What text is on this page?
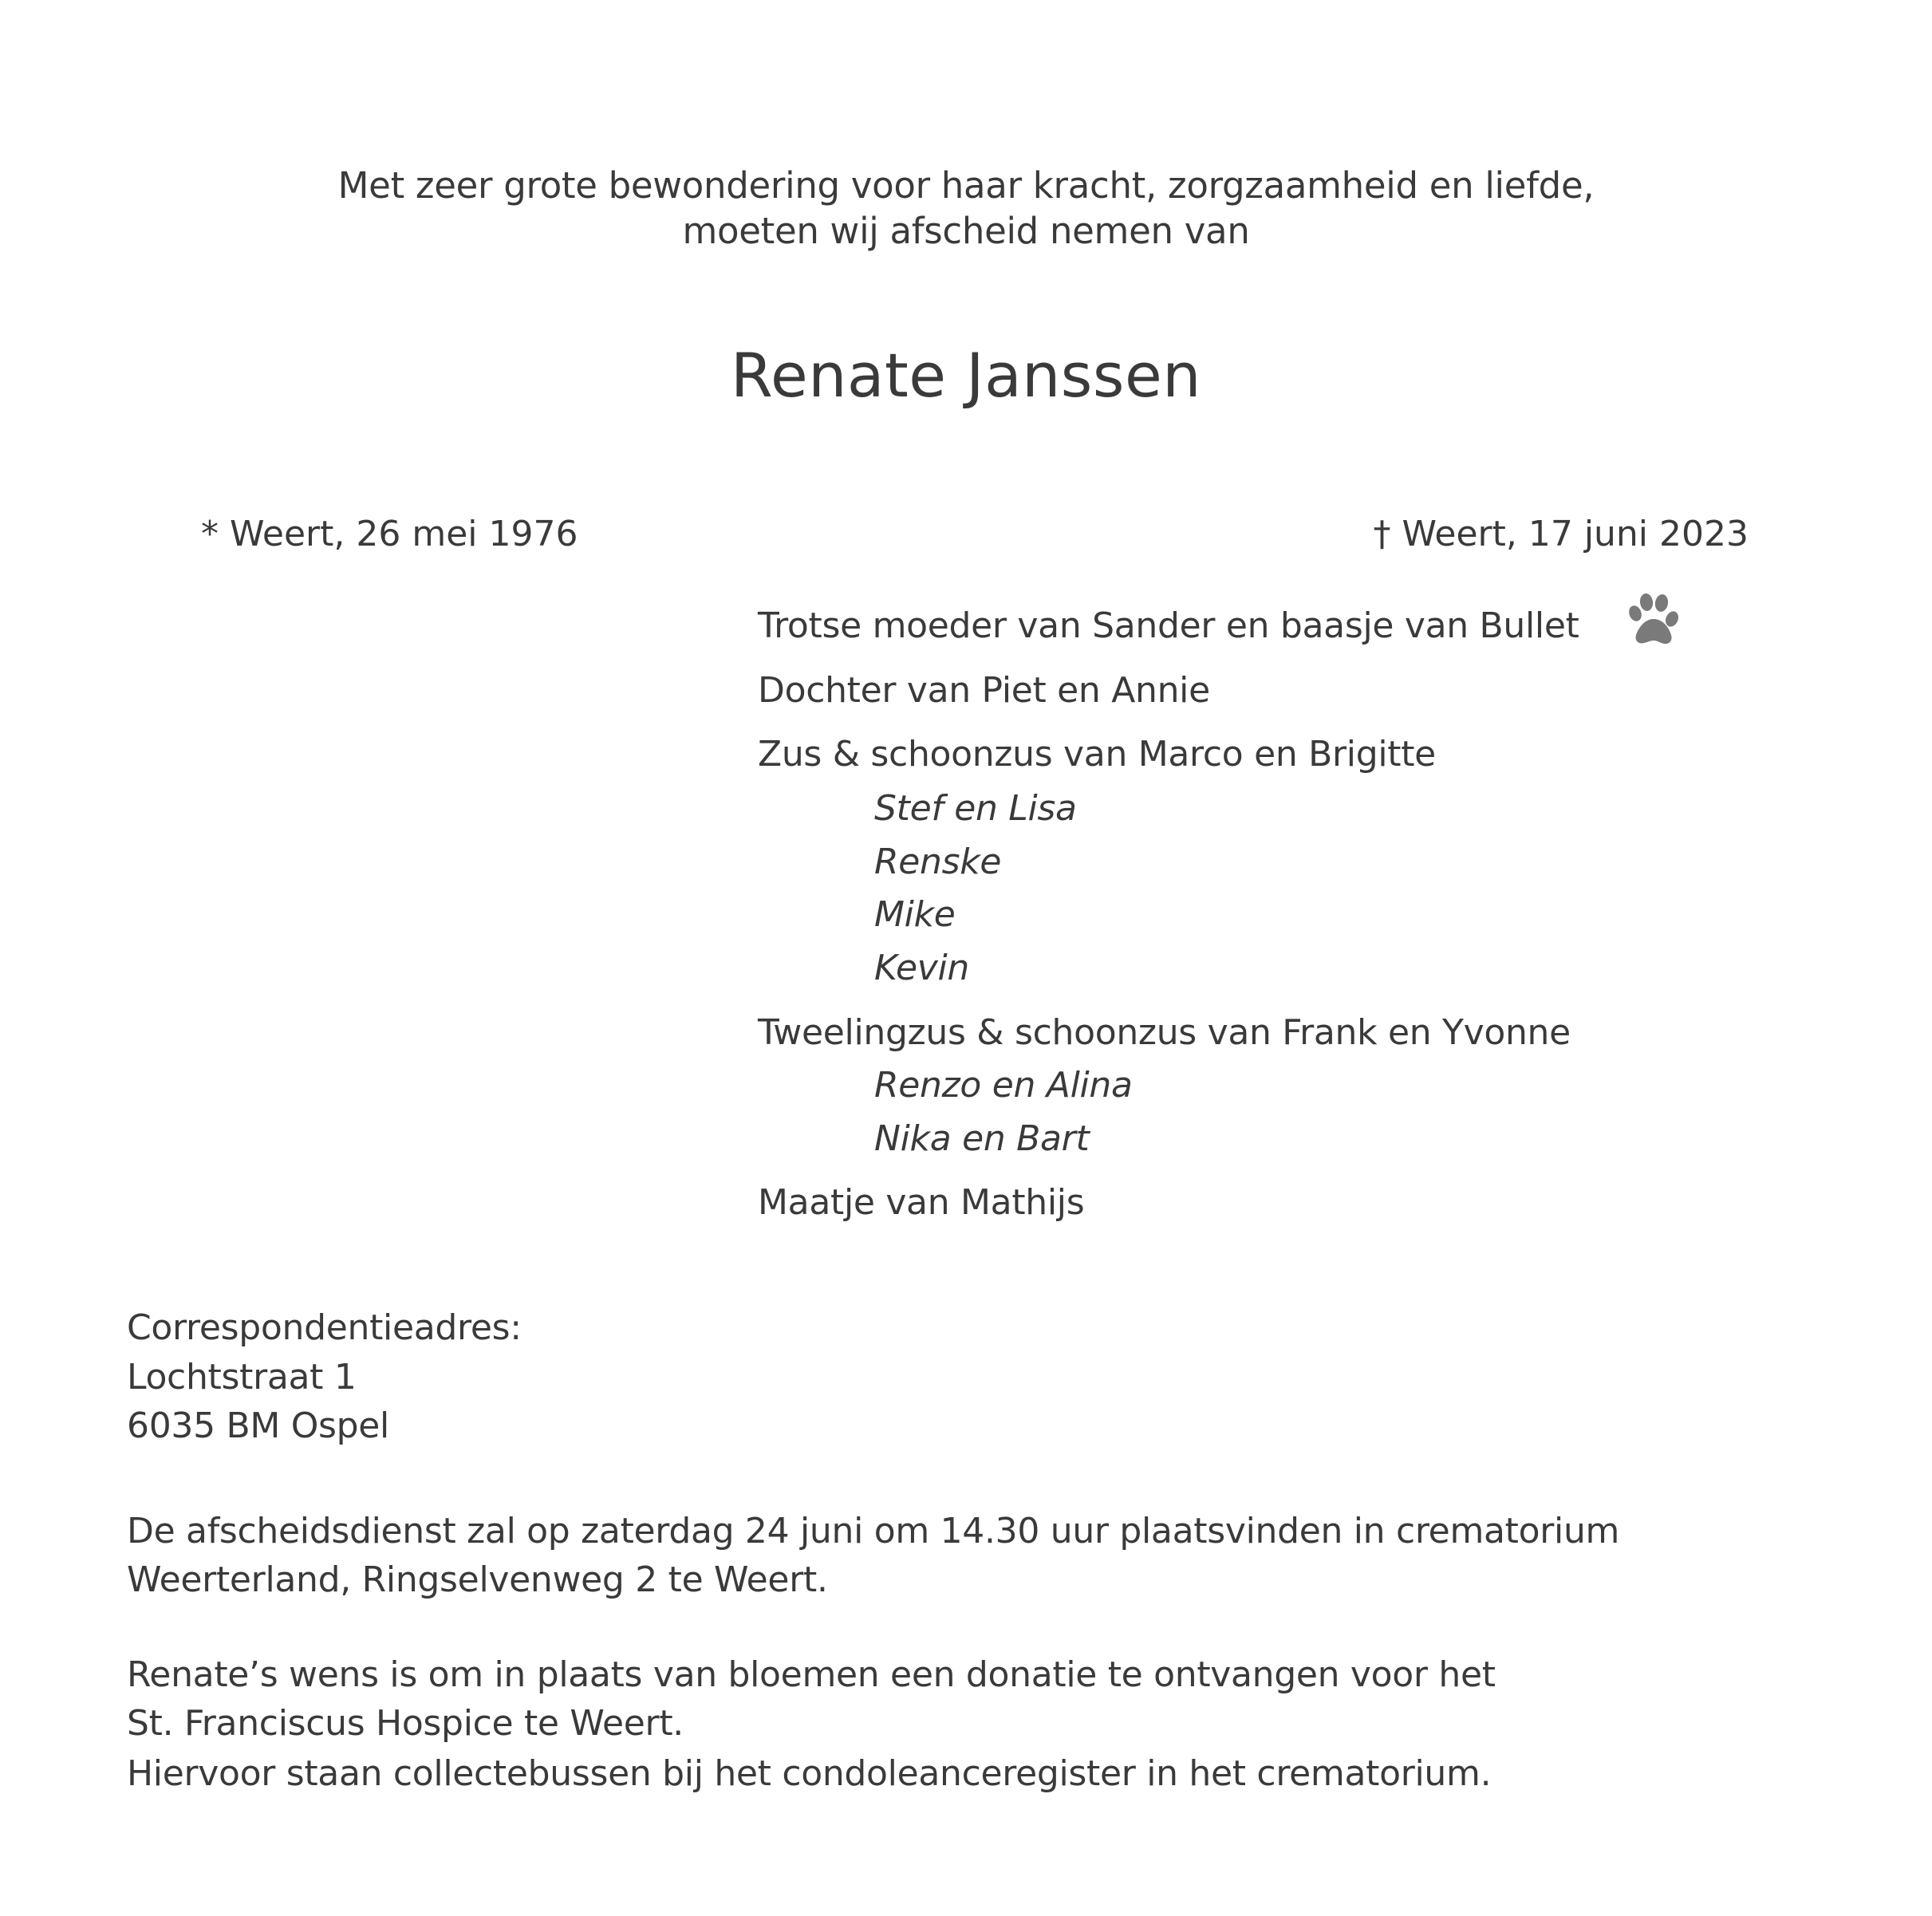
Met zeer grote bewondering voor haar kracht, zorgzaamheid en liefde,
moeten wij afscheid nemen van
Renate Janssen
* Weert, 26 mei 1976	† Weert, 17 juni 2023
Trotse moeder van Sander en baasje van Bullet
Dochter van Piet en Annie
Zus & schoonzus van Marco en Brigitte
Stef en Lisa
Renske
Mike
Kevin
Tweelingzus & schoonzus van Frank en Yvonne
Renzo en Alina
Nika en Bart
Maatje van Mathijs
Correspondentieadres:
Lochtstraat 1
6035 BM Ospel
De afscheidsdienst zal op zaterdag 24 juni om 14.30 uur plaatsvinden in crematorium
Weerterland, Ringselvenweg 2 te Weert.
Renate’s wens is om in plaats van bloemen een donatie te ontvangen voor het
St. Franciscus Hospice te Weert.
Hiervoor staan collectebussen bij het condoleanceregister in het crematorium.
